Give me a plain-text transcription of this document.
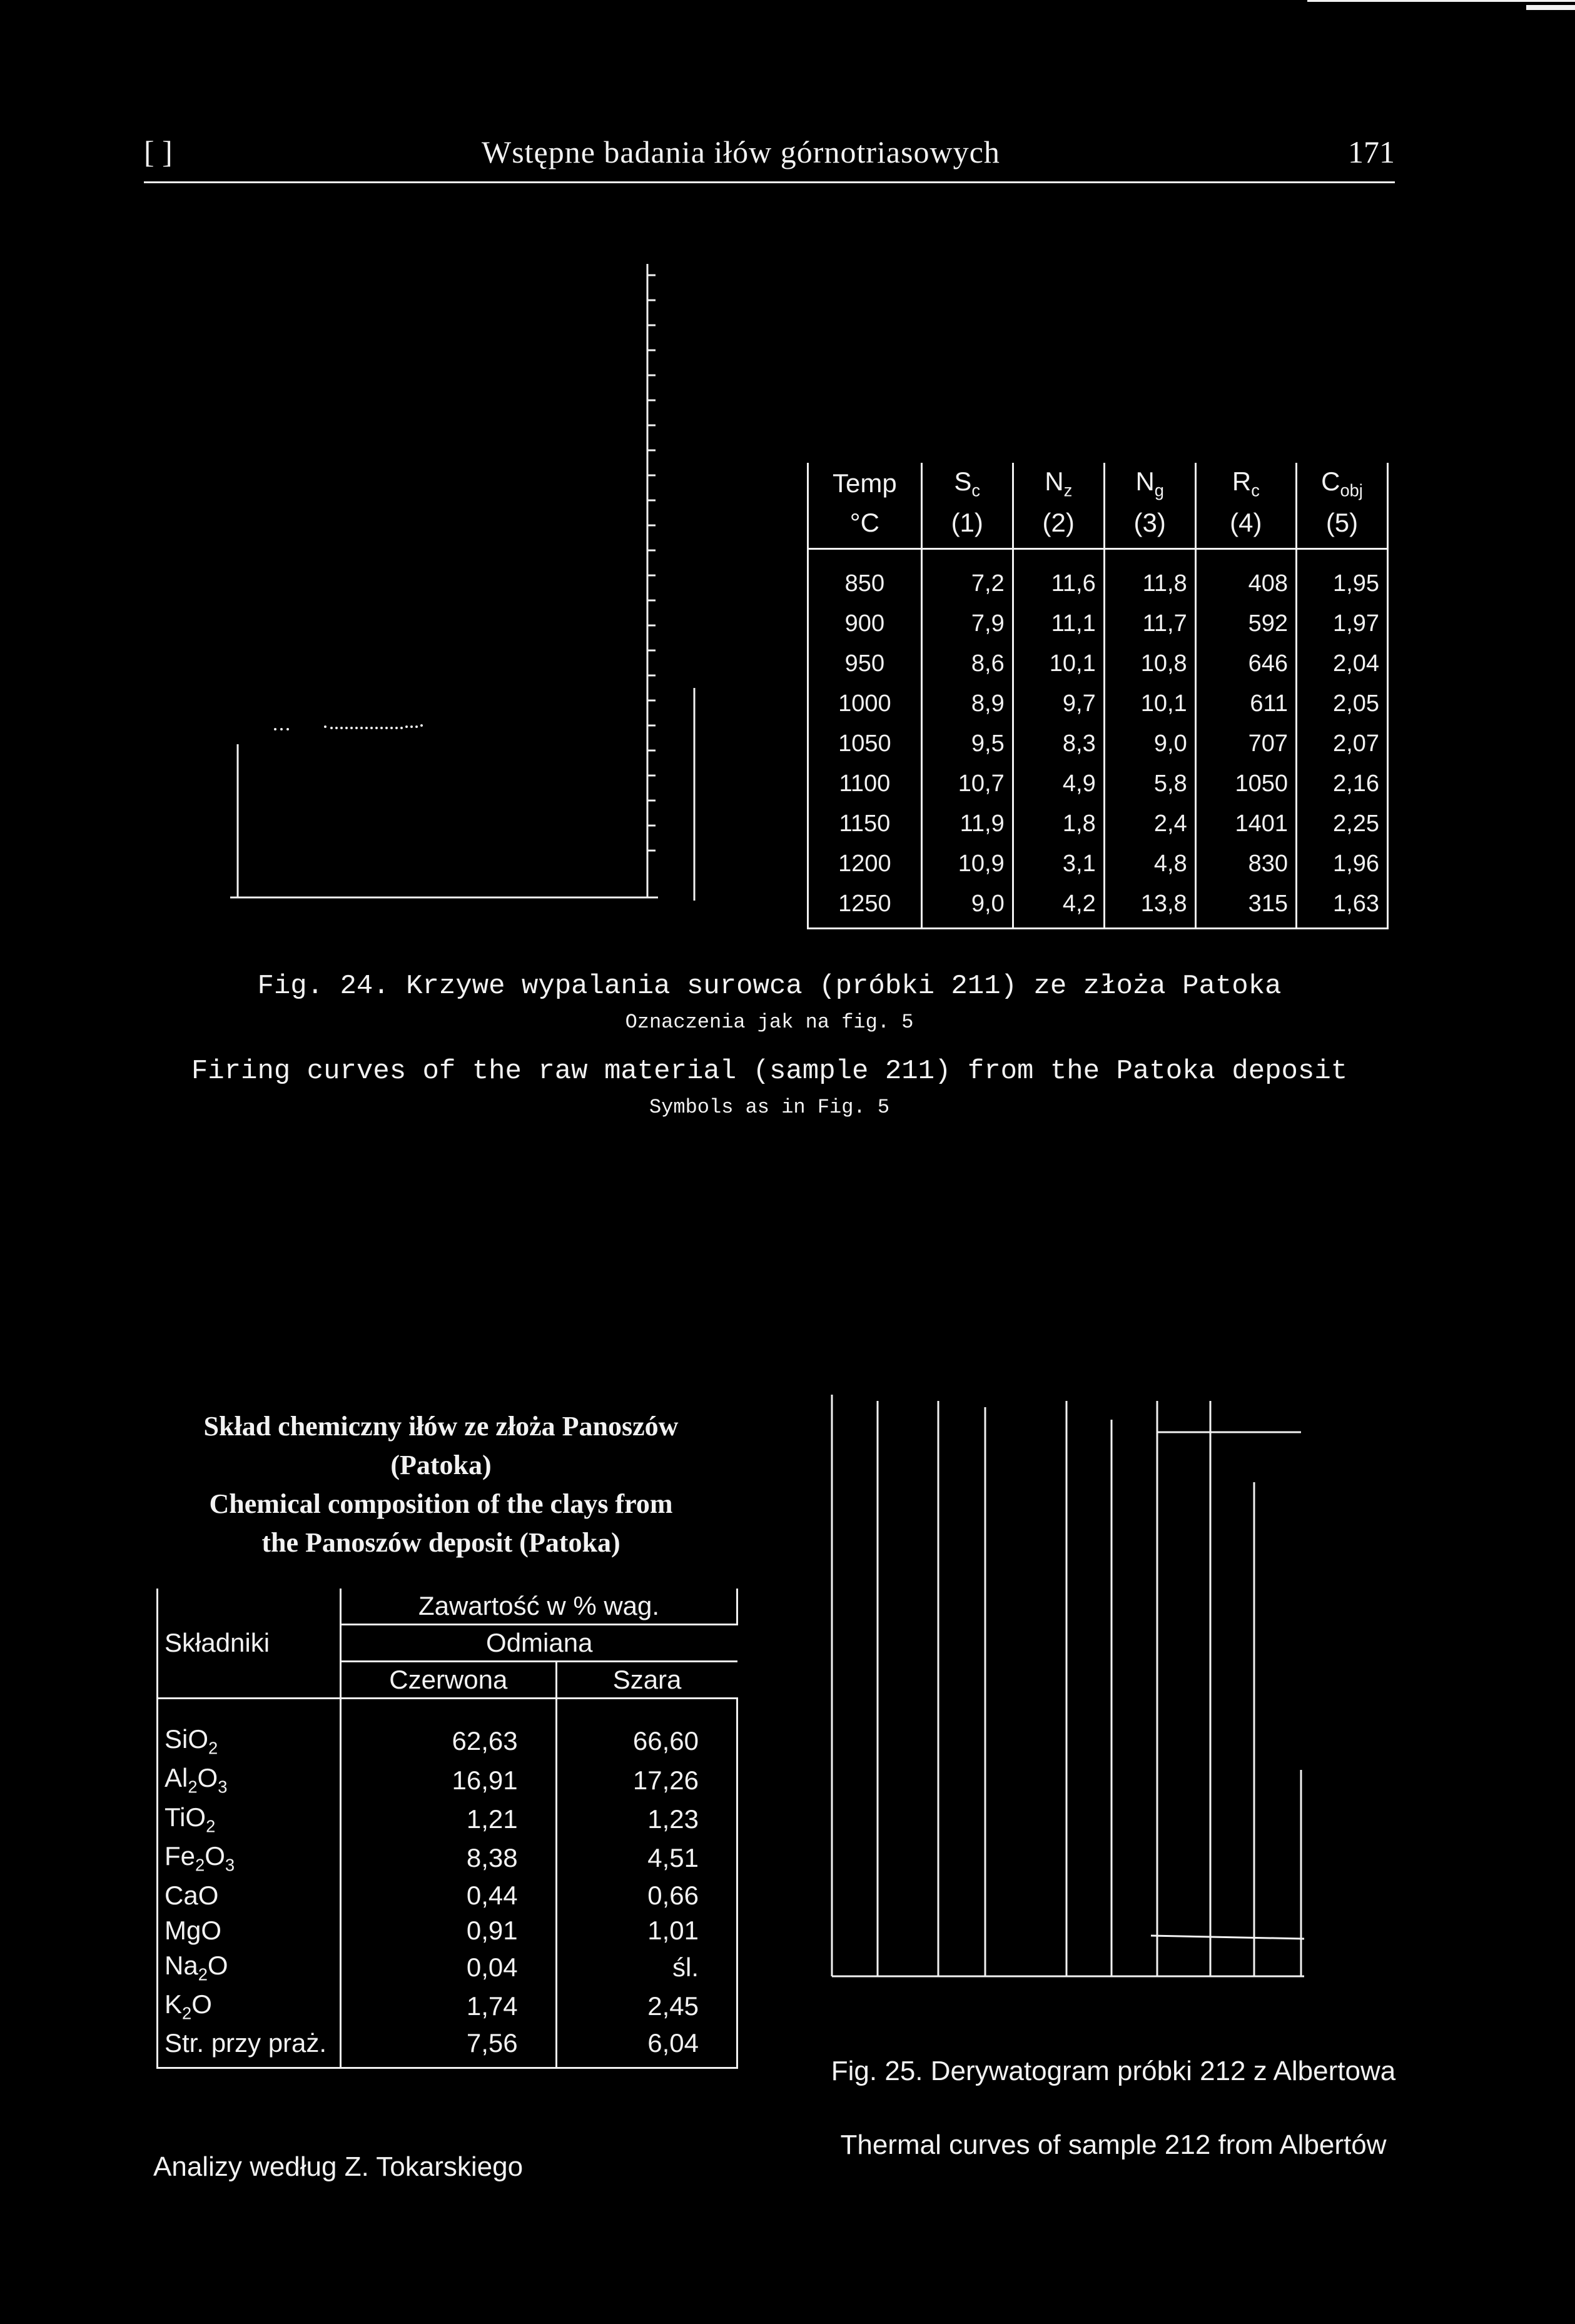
[ ]	Wstępne badania iłów górnotriasowych	171
Temp	$S_c$	$N_z$	$N_g$	$R_c$	$C_{obj}$
°C	(1)	(2)	(3)	(4)	(5)
850	7,2	11,6	11,8	408	1,95
900	7,9	11,1	11,7	592	1,97
950	8,6	10,1	10,8	646	2,04
1000	8,9	9,7	10,1	611	2,05
1050	9,5	8,3	9,0	707	2,07
1100	10,7	4,9	5,8	1050	2,16
1150	11,9	1,8	2,4	1401	2,25
1200	10,9	3,1	4,8	830	1,96
1250	9,0	4,2	13,8	315	1,63
Fig. 24. Krzywe wypalania surowca (próbki 211) ze złoża Patoka
Oznaczenia jak na fig. 5
Firing curves of the raw material (sample 211) from the Patoka deposit
Symbols as in Fig. 5
Skład chemiczny iłów ze złoża Panoszów
(Patoka)
Chemical composition of the clays from
the Panoszów deposit (Patoka)
Składniki	Zawartość w % wag.	
	Odmiana	
	Czerwona	Szara
SiO$_2$	62,63	66,60
$Al_2O_3$	16,91	17,26
TiO$_2$	1,21	1,23
$Fe_2O_3$	8,38	4,51
CaO	0,44	0,66
MgO	0,91	1,01
$Na_2O$	0,04	śl.
$K_2O$	1,74	2,45
Str. przy praż.	7,56	6,04
Analizy według Z. Tokarskiego
Fig. 25. Derywatogram próbki 212 z Albertowa
Thermal curves of sample 212 from Albertów
